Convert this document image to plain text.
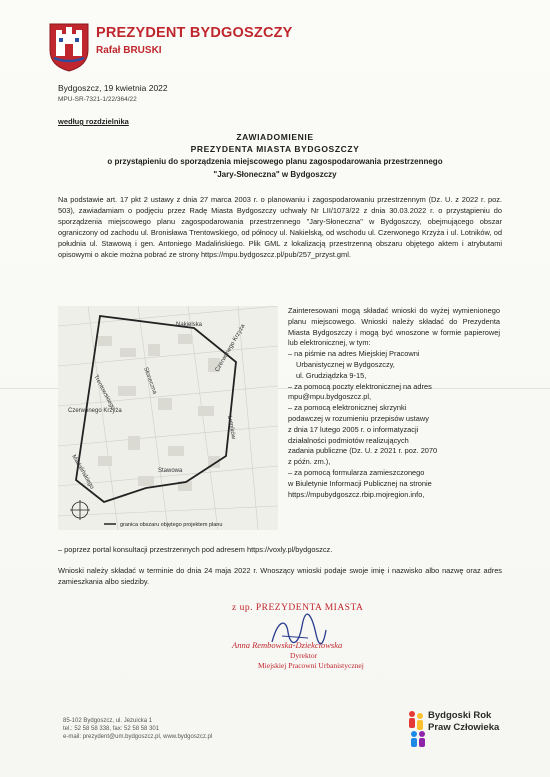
PREZYDENT BYDGOSZCZY
Rafał BRUSKI
Bydgoszcz, 19 kwietnia 2022
MPU-SR-7321-1/22/364/22
według rozdzielnika
ZAWIADOMIENIE
PREZYDENTA MIASTA BYDGOSZCZY
o przystąpieniu do sporządzenia miejscowego planu zagospodarowania przestrzennego
"Jary-Słoneczna" w Bydgoszczy
Na podstawie art. 17 pkt 2 ustawy z dnia 27 marca 2003 r. o planowaniu i zagospodarowaniu przestrzennym (Dz. U. z 2022 r. poz. 503), zawiadamiam o podjęciu przez Radę Miasta Bydgoszczy uchwały Nr LII/1073/22 z dnia 30.03.2022 r. o przystąpieniu do sporządzenia miejscowego planu zagospodarowania przestrzennego "Jary-Słoneczna" w Bydgoszczy, obejmującego obszar ograniczony od zachodu ul. Bronisława Trentowskiego, od północy ul. Nakielską, od wschodu ul. Czerwonego Krzyża i ul. Lotników, od południa ul. Stawową i gen. Antoniego Madalińskiego. Plik GML z lokalizacją przestrzenną obszaru objętego aktem i atrybutami opisowymi o akcie można pobrać ze strony https://mpu.bydgoszcz.pl/pub/257_przyst.gml.
Nakielska
Trentowskiego	Słoneczna
Czerwonego Krzyża
Lotników
Stawowa
Madalińskiego
Czerwonego Krzyża
granica obszaru objętego projektem planu
Zainteresowani mogą składać wnioski do wyżej wymienionego planu miejscowego. Wnioski należy składać do Prezydenta Miasta Bydgoszczy i mogą być wnoszone w formie papierowej lub elektronicznej, w tym:
– na piśmie na adres Miejskiej Pracowni
Urbanistycznej w Bydgoszczy,
ul. Grudziądzka 9-15,
– za pomocą poczty elektronicznej na adres
mpu@mpu.bydgoszcz.pl,
– za pomocą elektronicznej skrzynki
podawczej w rozumieniu przepisów ustawy
z dnia 17 lutego 2005 r. o informatyzacji
działalności podmiotów realizujących
zadania publiczne (Dz. U. z 2021 r. poz. 2070
z późn. zm.),
– za pomocą formularza zamieszczonego
w Biuletynie Informacji Publicznej na stronie
https://mpubydgoszcz.rbip.mojregion.info,
– poprzez portal konsultacji przestrzennych pod adresem https://voxly.pl/bydgoszcz.
Wnioski należy składać w terminie do dnia 24 maja 2022 r. Wnoszący wnioski podaje swoje imię i nazwisko albo nazwę oraz adres zamieszkania albo siedziby.
z up. PREZYDENTA MIASTA
Anna Rembowska-Dziekciowska
Dyrektor
Miejskiej Pracowni Urbanistycznej
85-102 Bydgoszcz, ul. Jezuicka 1
tel.: 52 58 58 338, fax: 52 58 58 301
e-mail: prezydent@um.bydgoszcz.pl, www.bydgoszcz.pl
Bydgoski Rok
Praw Człowieka
